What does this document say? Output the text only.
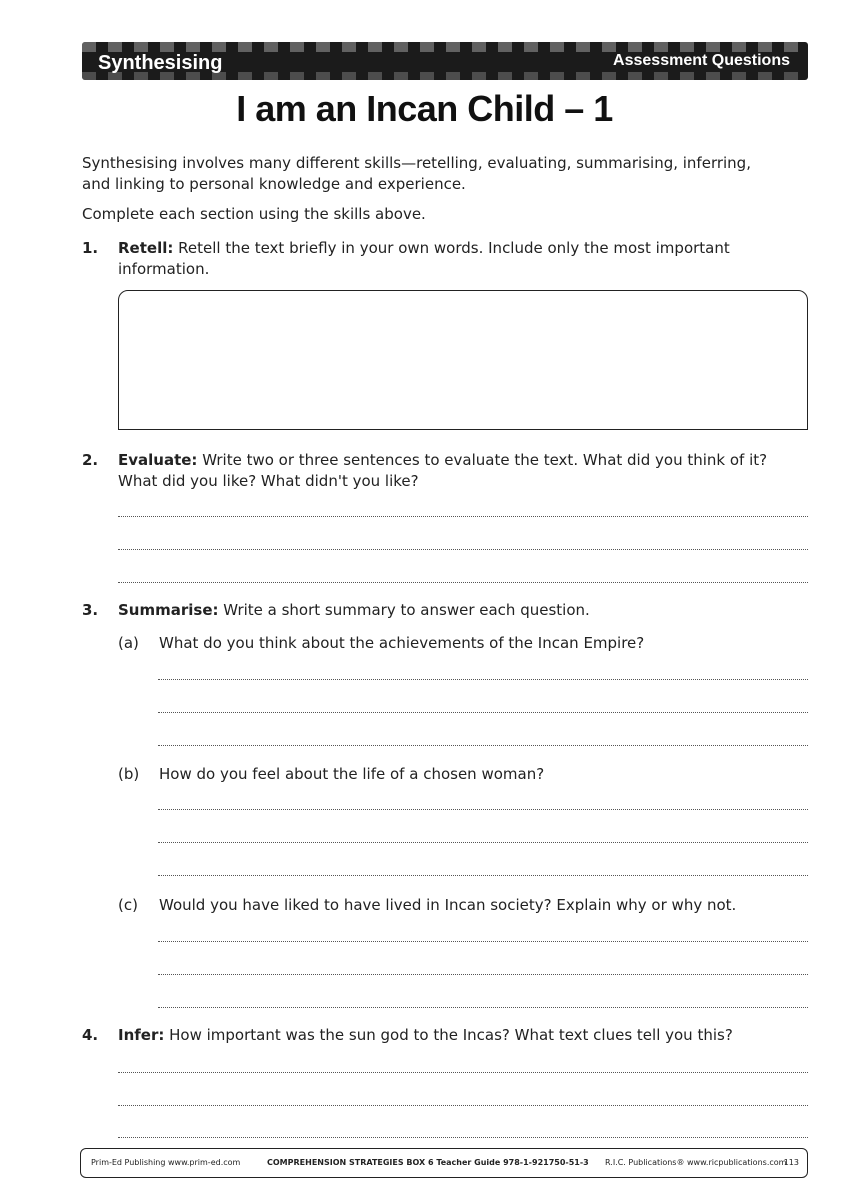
Synthesising	Assessment Questions
I am an Incan Child – 1
Synthesising involves many different skills—retelling, evaluating, summarising, inferring, and linking to personal knowledge and experience.
Complete each section using the skills above.
1. Retell: Retell the text briefly in your own words. Include only the most important information.
2. Evaluate: Write two or three sentences to evaluate the text. What did you think of it? What did you like? What didn't you like?
3. Summarise: Write a short summary to answer each question.
(a) What do you think about the achievements of the Incan Empire?
(b) How do you feel about the life of a chosen woman?
(c) Would you have liked to have lived in Incan society? Explain why or why not.
4. Infer: How important was the sun god to the Incas? What text clues tell you this?
Prim-Ed Publishing www.prim-ed.com	COMPREHENSION STRATEGIES BOX 6 Teacher Guide 978-1-921750-51-3 R.I.C. Publications® www.ricpublications.com
113
